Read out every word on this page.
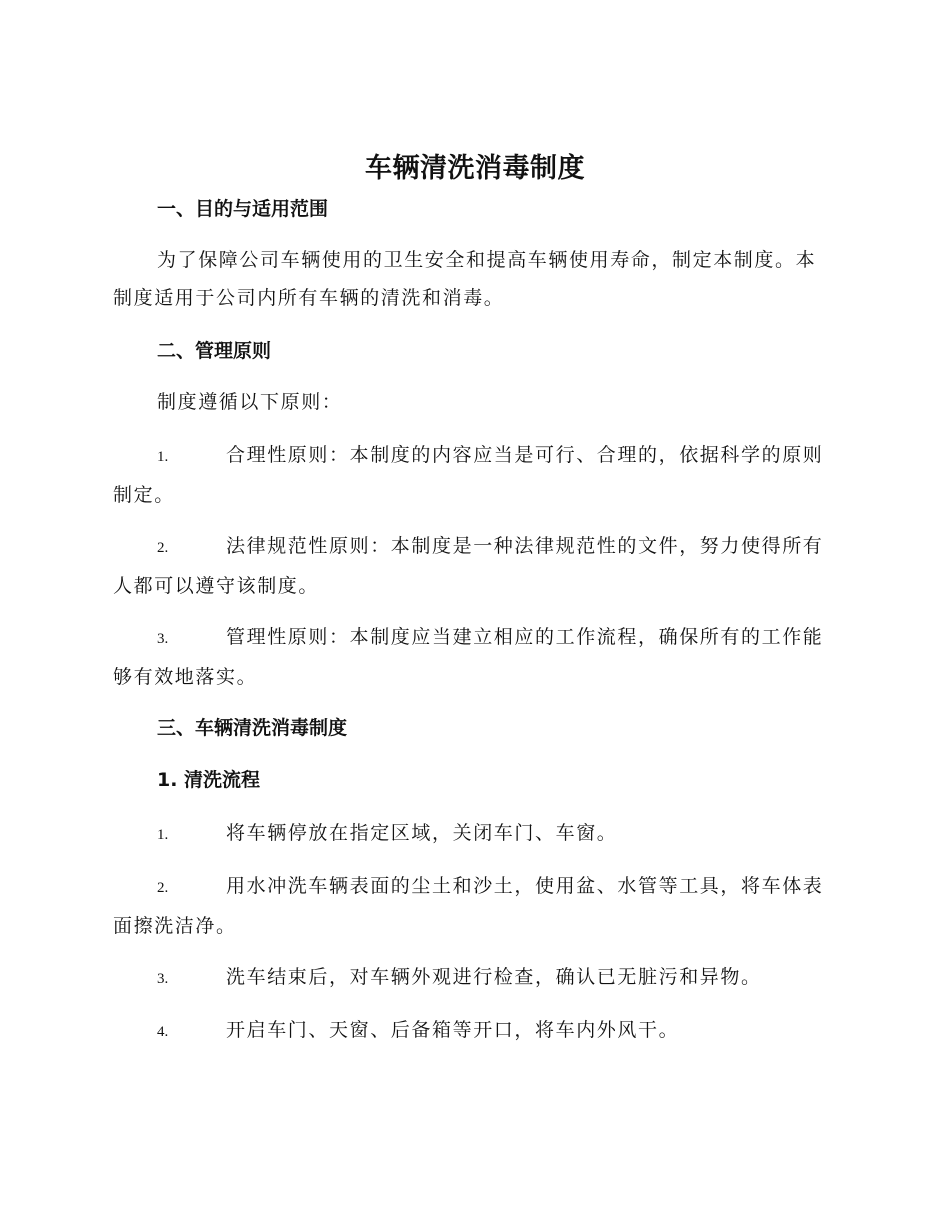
车辆清洗消毒制度
一、目的与适用范围

为了保障公司车辆使用的卫生安全和提高车辆使用寿命，制定本制度。本制度适用于公司内所有车辆的清洗和消毒。

二、管理原则

制度遵循以下原则：

1.	合理性原则：本制度的内容应当是可行、合理的，依据科学的原则制定。

2.	法律规范性原则：本制度是一种法律规范性的文件，努力使得所有人都可以遵守该制度。

3.	管理性原则：本制度应当建立相应的工作流程，确保所有的工作能够有效地落实。

三、车辆清洗消毒制度
1. 清洗流程

1.	将车辆停放在指定区域，关闭车门、车窗。

2.	用水冲洗车辆表面的尘土和沙土，使用盆、水管等工具，将车体表面擦洗洁净。

3.	洗车结束后，对车辆外观进行检查，确认已无脏污和异物。

4.	开启车门、天窗、后备箱等开口，将车内外风干。
